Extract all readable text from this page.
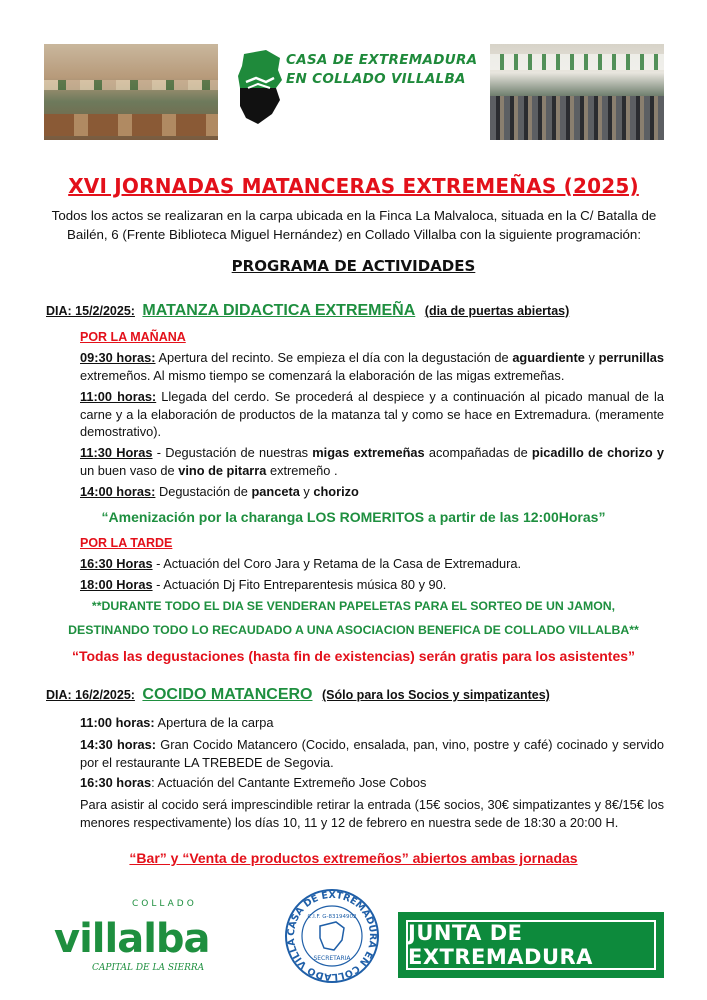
CASA DE EXTREMADURA
EN COLLADO VILLALBA
XVI JORNADAS MATANCERAS EXTREMEÑAS (2025)
Todos los actos se realizaran en la carpa ubicada en la Finca La Malvaloca, situada en la C/ Batalla de Bailén, 6 (Frente Biblioteca Miguel Hernández) en Collado Villalba con la siguiente programación:
PROGRAMA DE ACTIVIDADES
DIA: 15/2/2025: MATANZA DIDACTICA EXTREMEÑA (dia de puertas abiertas)
POR LA MAÑANA
09:30 horas: Apertura del recinto. Se empieza el día con la degustación de aguardiente y perrunillas extremeños. Al mismo tiempo se comenzará la elaboración de las migas extremeñas.
11:00 horas: Llegada del cerdo. Se procederá al despiece y a continuación al picado manual de la carne y a la elaboración de productos de la matanza tal y como se hace en Extremadura. (meramente demostrativo).
11:30 Horas - Degustación de nuestras migas extremeñas acompañadas de picadillo de chorizo y un buen vaso de vino de pitarra extremeño .
14:00 horas: Degustación de panceta y chorizo
“Amenización por la charanga LOS ROMERITOS a partir de las 12:00Horas”
POR LA TARDE
16:30 Horas - Actuación del Coro Jara y Retama de la Casa de Extremadura.
18:00 Horas - Actuación Dj Fito Entreparentesis música 80 y 90.
**DURANTE TODO EL DIA SE VENDERAN PAPELETAS PARA EL SORTEO DE UN JAMON,
DESTINANDO TODO LO RECAUDADO A UNA ASOCIACION BENEFICA DE COLLADO VILLALBA**
“Todas las degustaciones (hasta fin de existencias) serán gratis para los asistentes”
DIA: 16/2/2025: COCIDO MATANCERO (Sólo para los Socios y simpatizantes)
11:00 horas: Apertura de la carpa
14:30 horas: Gran Cocido Matancero (Cocido, ensalada, pan, vino, postre y café) cocinado y servido por el restaurante LA TREBEDE de Segovia.
16:30 horas: Actuación del Cantante Extremeño Jose Cobos
Para asistir al cocido será imprescindible retirar la entrada (15€ socios, 30€ simpatizantes y 8€/15€ los menores respectivamente) los días 10, 11 y 12 de febrero en nuestra sede de 18:30 a 20:00 H.
“Bar” y “Venta de productos extremeños” abiertos ambas jornadas
COLLADO
villalba
CAPITAL DE LA SIERRA
CASA DE EXTREMADURA EN COLLADO VILLA
C.I.F. G-83194902
SECRETARIA
JUNTA DE EXTREMADURA
